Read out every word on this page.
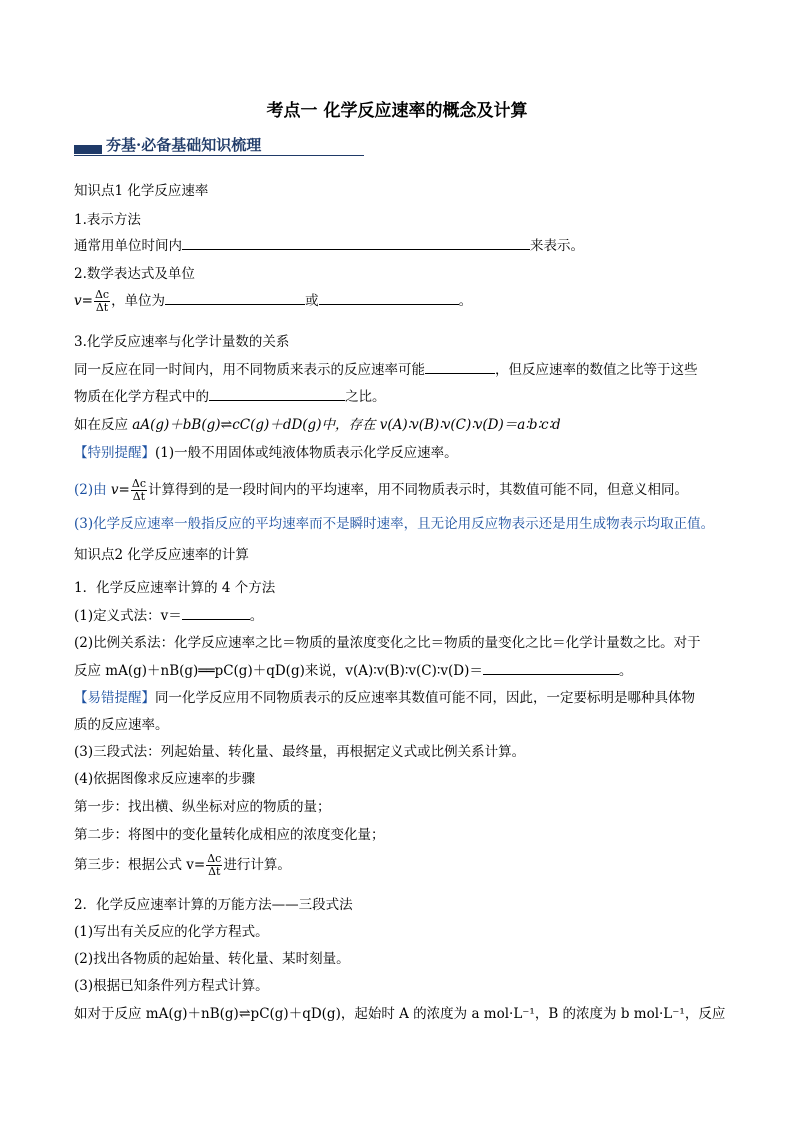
考点一 化学反应速率的概念及计算
夯基·必备基础知识梳理
知识点1 化学反应速率
1.表示方法
通常用单位时间内	来表示。
2.数学表达式及单位
$v= \frac{\Delta c}{\Delta t}$ ，单位为	或	。
3.化学反应速率与化学计量数的关系
同一反应在同一时间内，用不同物质来表示的反应速率可能	，但反应速率的数值之比等于这些
物质在化学方程式中的	之比。
如在反应 aA(g)＋bB(g)⇌cC(g)＋dD(g)中，存在 v(A)∶v(B)∶v(C)∶v(D)＝a∶b∶c∶d
【特别提醒】(1)一般不用固体或纯液体物质表示化学反应速率。
(2)由 $v= \frac{\Delta c}{\Delta t}$ 计算得到的是一段时间内的平均速率，用不同物质表示时，其数值可能不同，但意义相同。
(3)化学反应速率一般指反应的平均速率而不是瞬时速率，且无论用反应物表示还是用生成物表示均取正值。
知识点2 化学反应速率的计算
1．化学反应速率计算的 4 个方法
(1)定义式法：v＝	。
(2)比例关系法：化学反应速率之比＝物质的量浓度变化之比＝物质的量变化之比＝化学计量数之比。对于
反应 mA(g)＋nB(g)══pC(g)＋qD(g)来说，v(A)∶v(B)∶v(C)∶v(D)＝	。
【易错提醒】同一化学反应用不同物质表示的反应速率其数值可能不同，因此，一定要标明是哪种具体物
质的反应速率。
(3)三段式法：列起始量、转化量、最终量，再根据定义式或比例关系计算。
(4)依据图像求反应速率的步骤
第一步：找出横、纵坐标对应的物质的量；
第二步：将图中的变化量转化成相应的浓度变化量；
第三步：根据公式 $v= \frac{\Delta c}{\Delta t}$ 进行计算。
2．化学反应速率计算的万能方法——三段式法
(1)写出有关反应的化学方程式。
(2)找出各物质的起始量、转化量、某时刻量。
(3)根据已知条件列方程式计算。
如对于反应 mA(g)＋nB(g)⇌pC(g)＋qD(g)，起始时 A 的浓度为 a mol·L⁻¹，B 的浓度为 b mol·L⁻¹，反应
